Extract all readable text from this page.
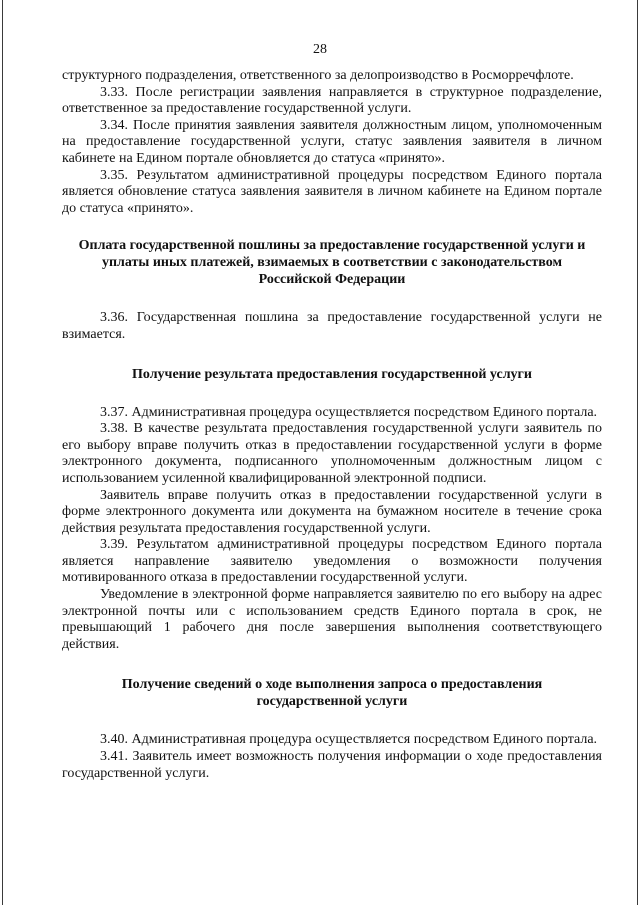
28

структурного подразделения, ответственного за делопроизводство в Росморречфлоте.

3.33. После регистрации заявления направляется в структурное подразделение, ответственное за предоставление государственной услуги.

3.34. После принятия заявления заявителя должностным лицом, уполномоченным на предоставление государственной услуги, статус заявления заявителя в личном кабинете на Едином портале обновляется до статуса «принято».

3.35. Результатом административной процедуры посредством Единого портала является обновление статуса заявления заявителя в личном кабинете на Едином портале до статуса «принято».

Оплата государственной пошлины за предоставление государственной услуги и уплаты иных платежей, взимаемых в соответствии с законодательством Российской Федерации

3.36. Государственная пошлина за предоставление государственной услуги не взимается.

Получение результата предоставления государственной услуги

3.37. Административная процедура осуществляется посредством Единого портала.

3.38. В качестве результата предоставления государственной услуги заявитель по его выбору вправе получить отказ в предоставлении государственной услуги в форме электронного документа, подписанного уполномоченным должностным лицом с использованием усиленной квалифицированной электронной подписи.

Заявитель вправе получить отказ в предоставлении государственной услуги в форме электронного документа или документа на бумажном носителе в течение срока действия результата предоставления государственной услуги.

3.39. Результатом административной процедуры посредством Единого портала является направление заявителю уведомления о возможности получения мотивированного отказа в предоставлении государственной услуги.

Уведомление в электронной форме направляется заявителю по его выбору на адрес электронной почты или с использованием средств Единого портала в срок, не превышающий 1 рабочего дня после завершения выполнения соответствующего действия.

Получение сведений о ходе выполнения запроса о предоставления государственной услуги

3.40. Административная процедура осуществляется посредством Единого портала.

3.41. Заявитель имеет возможность получения информации о ходе предоставления государственной услуги.
